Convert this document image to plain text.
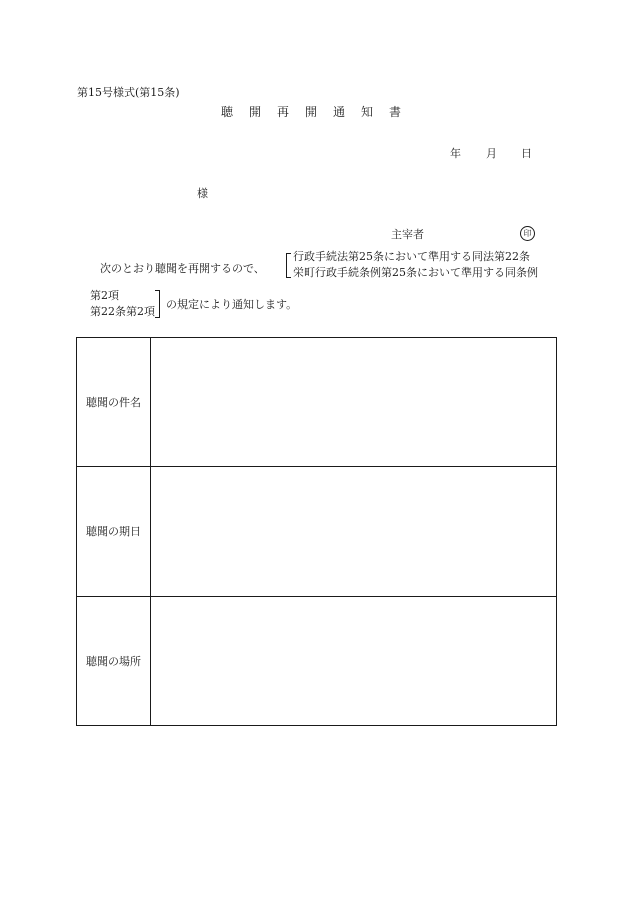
第15号様式(第15条)
聴開再開通知書
年 月 日
様
主宰者	印
次のとおり聴聞を再開するので、
行政手続法第25条において準用する同法第22条
栄町行政手続条例第25条において準用する同条例
第2項
第22条第2項
の規定により通知します。
聴聞の件名	
聴聞の期日	
聴聞の場所	
